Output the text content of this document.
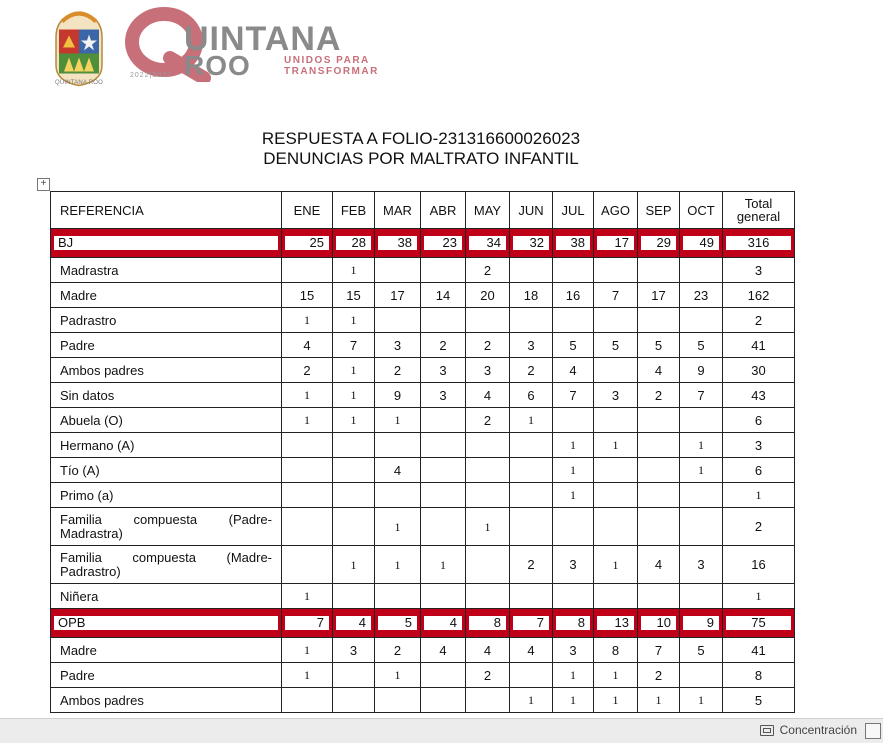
QUINTANA ROO
UINTANA
ROO	UNIDOS PARA
TRANSFORMAR
2022|2027
RESPUESTA A FOLIO-231316600026023
DENUNCIAS POR MALTRATO INFANTIL
+
REFERENCIA	ENE	FEB	MAR	ABR	MAY	JUN	JUL	AGO	SEP	OCT	Total general

BJ	25	28	38	23	34	32	38	17	29	49	316

Madrastra		1			2						3
Madre	15	15	17	14	20	18	16	7	17	23	162
Padrastro	1	1									2
Padre	4	7	3	2	2	3	5	5	5	5	41
Ambos padres	2	1	2	3	3	2	4		4	9	30
Sin datos	1	1	9	3	4	6	7	3	2	7	43
Abuela (O)	1	1	1		2	1					6
Hermano (A)							1	1		1	3
Tío (A)			4				1			1	6
Primo (a)							1				1
Familia compuesta (Padre-Madrastra)			1		1						2
Familia compuesta (Madre-Padrastro)		1	1	1		2	3	1	4	3	16
Niñera	1										1

OPB	7	4	5	4	8	7	8	13	10	9	75

Madre	1	3	2	4	4	4	3	8	7	5	41
Padre	1		1		2		1	1	2		8
Ambos padres						1	1	1	1	1	5
Concentración
